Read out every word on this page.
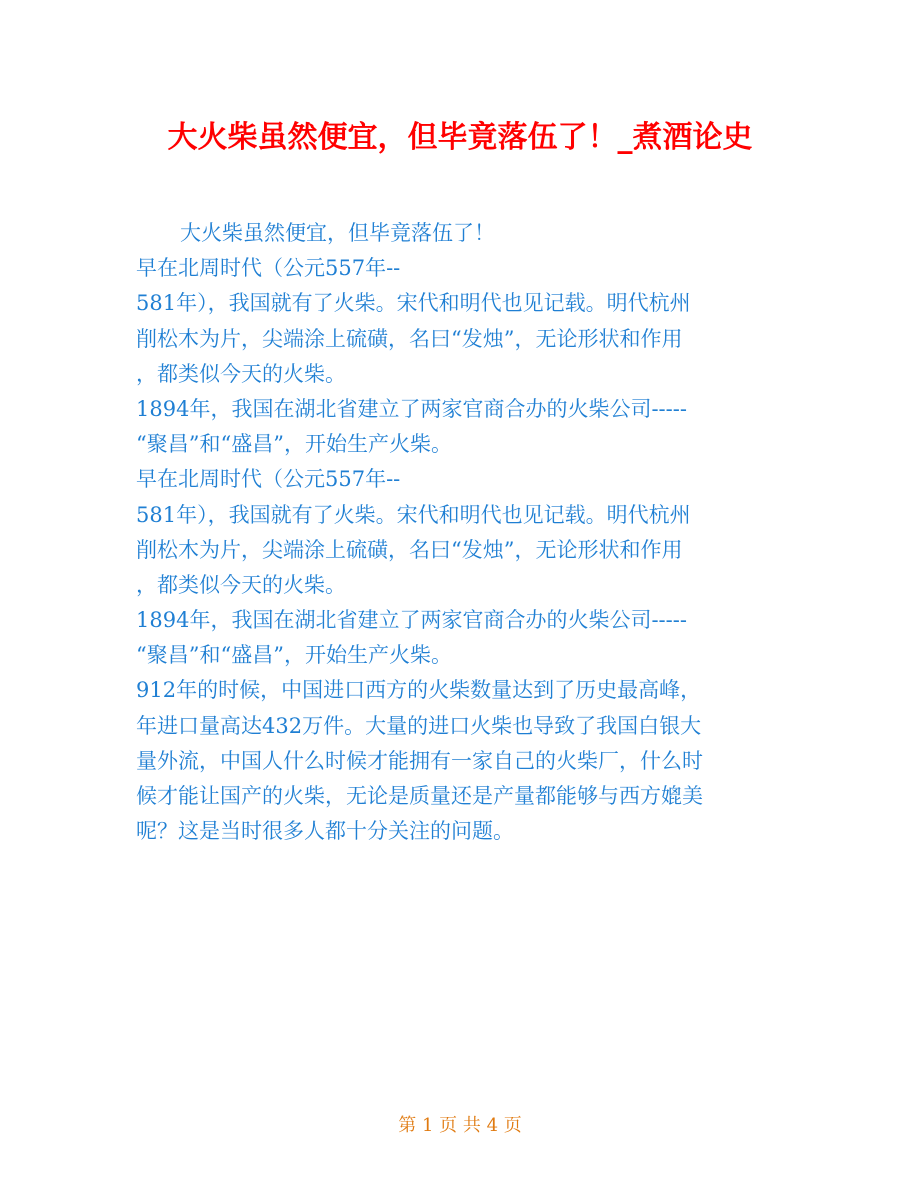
大火柴虽然便宜，但毕竟落伍了！_煮酒论史
大火柴虽然便宜，但毕竟落伍了！
早在北周时代（公元557年--
581年），我国就有了火柴。宋代和明代也见记载。明代杭州
削松木为片，尖端涂上硫磺，名曰“发烛”，无论形状和作用
，都类似今天的火柴。
1894年，我国在湖北省建立了两家官商合办的火柴公司-----
“聚昌”和“盛昌”，开始生产火柴。
早在北周时代（公元557年--
581年），我国就有了火柴。宋代和明代也见记载。明代杭州
削松木为片，尖端涂上硫磺，名曰“发烛”，无论形状和作用
，都类似今天的火柴。
1894年，我国在湖北省建立了两家官商合办的火柴公司-----
“聚昌”和“盛昌”，开始生产火柴。
912年的时候，中国进口西方的火柴数量达到了历史最高峰，
年进口量高达432万件。大量的进口火柴也导致了我国白银大
量外流，中国人什么时候才能拥有一家自己的火柴厂，什么时
候才能让国产的火柴，无论是质量还是产量都能够与西方媲美
呢？这是当时很多人都十分关注的问题。
第 1 页 共 4 页
